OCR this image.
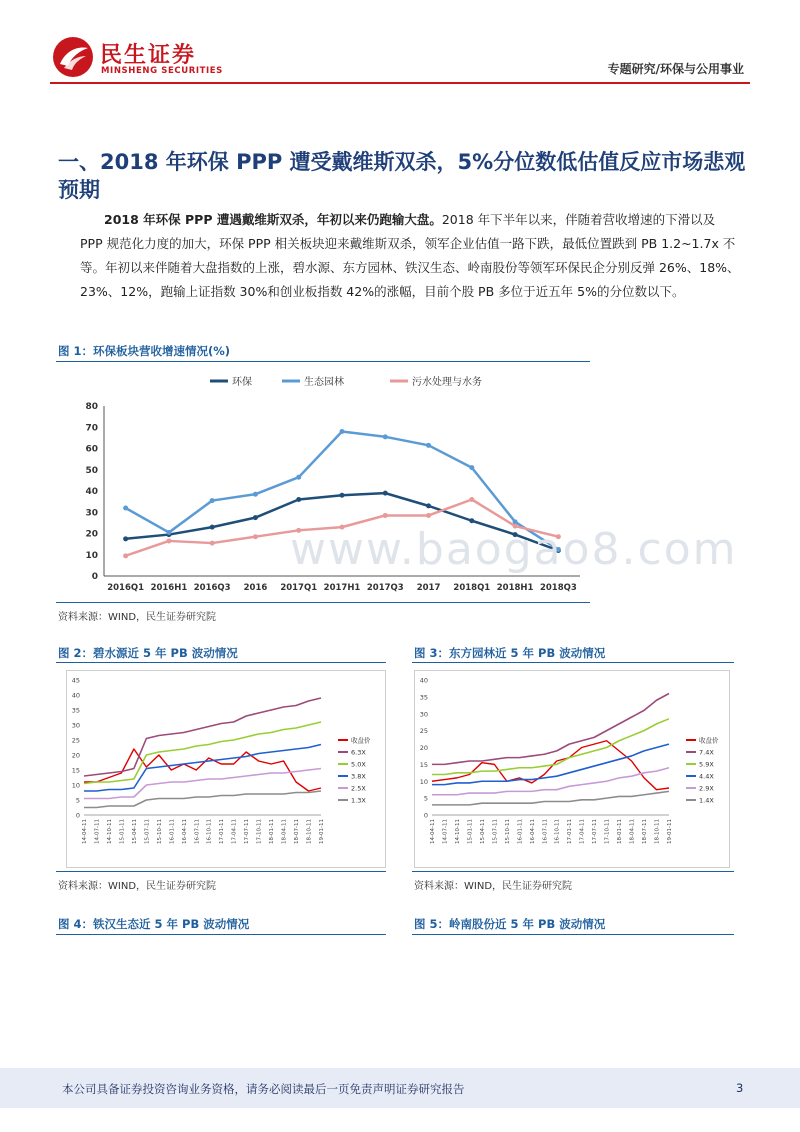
民生证券
MINSHENG SECURITIES	专题研究/环保与公用事业
一、2018 年环保 PPP 遭受戴维斯双杀，5%分位数低估值反应市场悲观预期
2018 年环保 PPP 遭遇戴维斯双杀，年初以来仍跑输大盘。2018 年下半年以来，伴随着营收增速的下滑以及 PPP 规范化力度的加大，环保 PPP 相关板块迎来戴维斯双杀，领军企业估值一路下跌，最低位置跌到 PB 1.2~1.7x 不等。年初以来伴随着大盘指数的上涨，碧水源、东方园林、铁汉生态、岭南股份等领军环保民企分别反弹 26%、18%、23%、12%，跑输上证指数 30%和创业板指数 42%的涨幅，目前个股 PB 多位于近五年 5%的分位数以下。
图 1：环保板块营收增速情况(%)
0
10
20
30
40
50
60
70
80
2016Q1 2016H1 2016Q3 2016 2017Q1 2017H1 2017Q3 2017 2018Q1 2018H1 2018Q3
环保	生态园林	污水处理与水务
资料来源：WIND，民生证券研究院
www.baogao8.com
图 2：碧水源近 5 年 PB 波动情况
0
5
10
15
20
25
30
35
40
45
14-04-11 14-07-11 14-10-11 15-01-11 15-04-11 15-07-11 15-10-11 16-01-11 16-04-11 16-07-11 16-10-11 17-01-11 17-04-11 17-07-11 17-10-11 18-01-11 18-04-11 18-07-11 18-10-11 19-01-11
收盘价
6.3X
5.0X
3.8X
2.5X
1.3X
资料来源：WIND，民生证券研究院
图 3：东方园林近 5 年 PB 波动情况
0
5
10
15
20
25
30
35
40
14-04-11 14-07-11 14-10-11 15-01-11 15-04-11 15-07-11 15-10-11 16-01-11 16-04-11 16-07-11 16-10-11 17-01-11 17-04-11 17-07-11 17-10-11 18-01-11 18-04-11 18-07-11 18-10-11 19-01-11
收盘价
7.4X
5.9X
4.4X
2.9X
1.4X
资料来源：WIND，民生证券研究院
图 4：铁汉生态近 5 年 PB 波动情况	图 5：岭南股份近 5 年 PB 波动情况
本公司具备证券投资咨询业务资格，请务必阅读最后一页免责声明证券研究报告	3
